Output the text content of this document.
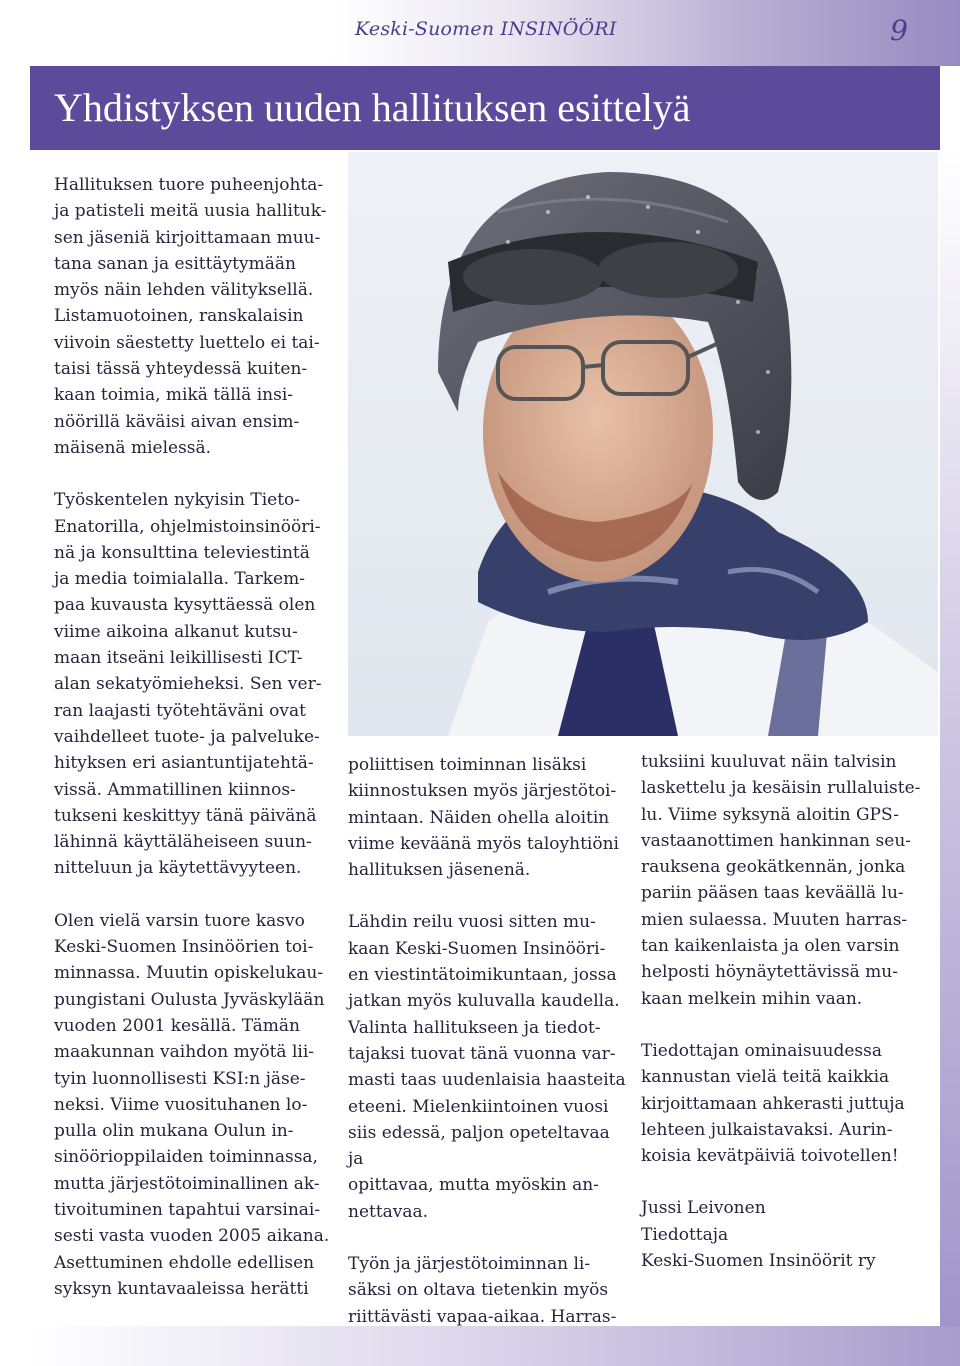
Keski-Suomen INSINÖÖRI	9
Yhdistyksen uuden hallituksen esittelyä

Hallituksen tuore puheenjohta-
ja patisteli meitä uusia hallituk-
sen jäseniä kirjoittamaan muu-
tana sanan ja esittäytymään
myös näin lehden välityksellä.
Listamuotoinen, ranskalaisin
viivoin säestetty luettelo ei tai-
taisi tässä yhteydessä kuiten-
kaan toimia, mikä tällä insi-
nöörillä käväisi aivan ensim-
mäisenä mielessä.

Työskentelen nykyisin Tieto-
Enatorilla, ohjelmistoinsinööri-
nä ja konsulttina televiestintä
ja media toimialalla. Tarkem-
paa kuvausta kysyttäessä olen
viime aikoina alkanut kutsu-
maan itseäni leikillisesti ICT-
alan sekatyömieheksi. Sen ver-
ran laajasti työtehtäväni ovat
vaihdelleet tuote- ja palveluke-
hityksen eri asiantuntijatehtä-
vissä. Ammatillinen kiinnos-
tukseni keskittyy tänä päivänä
lähinnä käyttäläheiseen suun-
nitteluun ja käytettävyyteen.

Olen vielä varsin tuore kasvo
Keski-Suomen Insinöörien toi-
minnassa. Muutin opiskelukau-
pungistani Oulusta Jyväskylään
vuoden 2001 kesällä. Tämän
maakunnan vaihdon myötä lii-
tyin luonnollisesti KSI:n jäse-
neksi. Viime vuosituhanen lo-
pulla olin mukana Oulun in-
sinöörioppilaiden toiminnassa,
mutta järjestötoiminallinen ak-
tivoituminen tapahtui varsinai-
sesti vasta vuoden 2005 aikana.
Asettuminen ehdolle edellisen
syksyn kuntavaaleissa herätti

poliittisen toiminnan lisäksi
kiinnostuksen myös järjestötoi-
mintaan. Näiden ohella aloitin
viime keväänä myös taloyhtiöni
hallituksen jäsenenä.

Lähdin reilu vuosi sitten mu-
kaan Keski-Suomen Insinööri-
en viestintätoimikuntaan, jossa
jatkan myös kuluvalla kaudella.
Valinta hallitukseen ja tiedot-
tajaksi tuovat tänä vuonna var-
masti taas uudenlaisia haasteita
eteeni. Mielenkiintoinen vuosi
siis edessä, paljon opeteltavaa ja
opittavaa, mutta myöskin an-
nettavaa.

Työn ja järjestötoiminnan li-
säksi on oltava tietenkin myös
riittävästi vapaa-aikaa. Harras-

tuksiini kuuluvat näin talvisin
laskettelu ja kesäisin rullaluiste-
lu. Viime syksynä aloitin GPS-
vastaanottimen hankinnan seu-
rauksena geokätkennän, jonka
pariin pääsen taas keväällä lu-
mien sulaessa. Muuten harras-
tan kaikenlaista ja olen varsin
helposti höynäytettävissä mu-
kaan melkein mihin vaan.

Tiedottajan ominaisuudessa
kannustan vielä teitä kaikkia
kirjoittamaan ahkerasti juttuja
lehteen julkaistavaksi. Aurin-
koisia kevätpäiviä toivotellen!

Jussi Leivonen
Tiedottaja
Keski-Suomen Insinöörit ry
